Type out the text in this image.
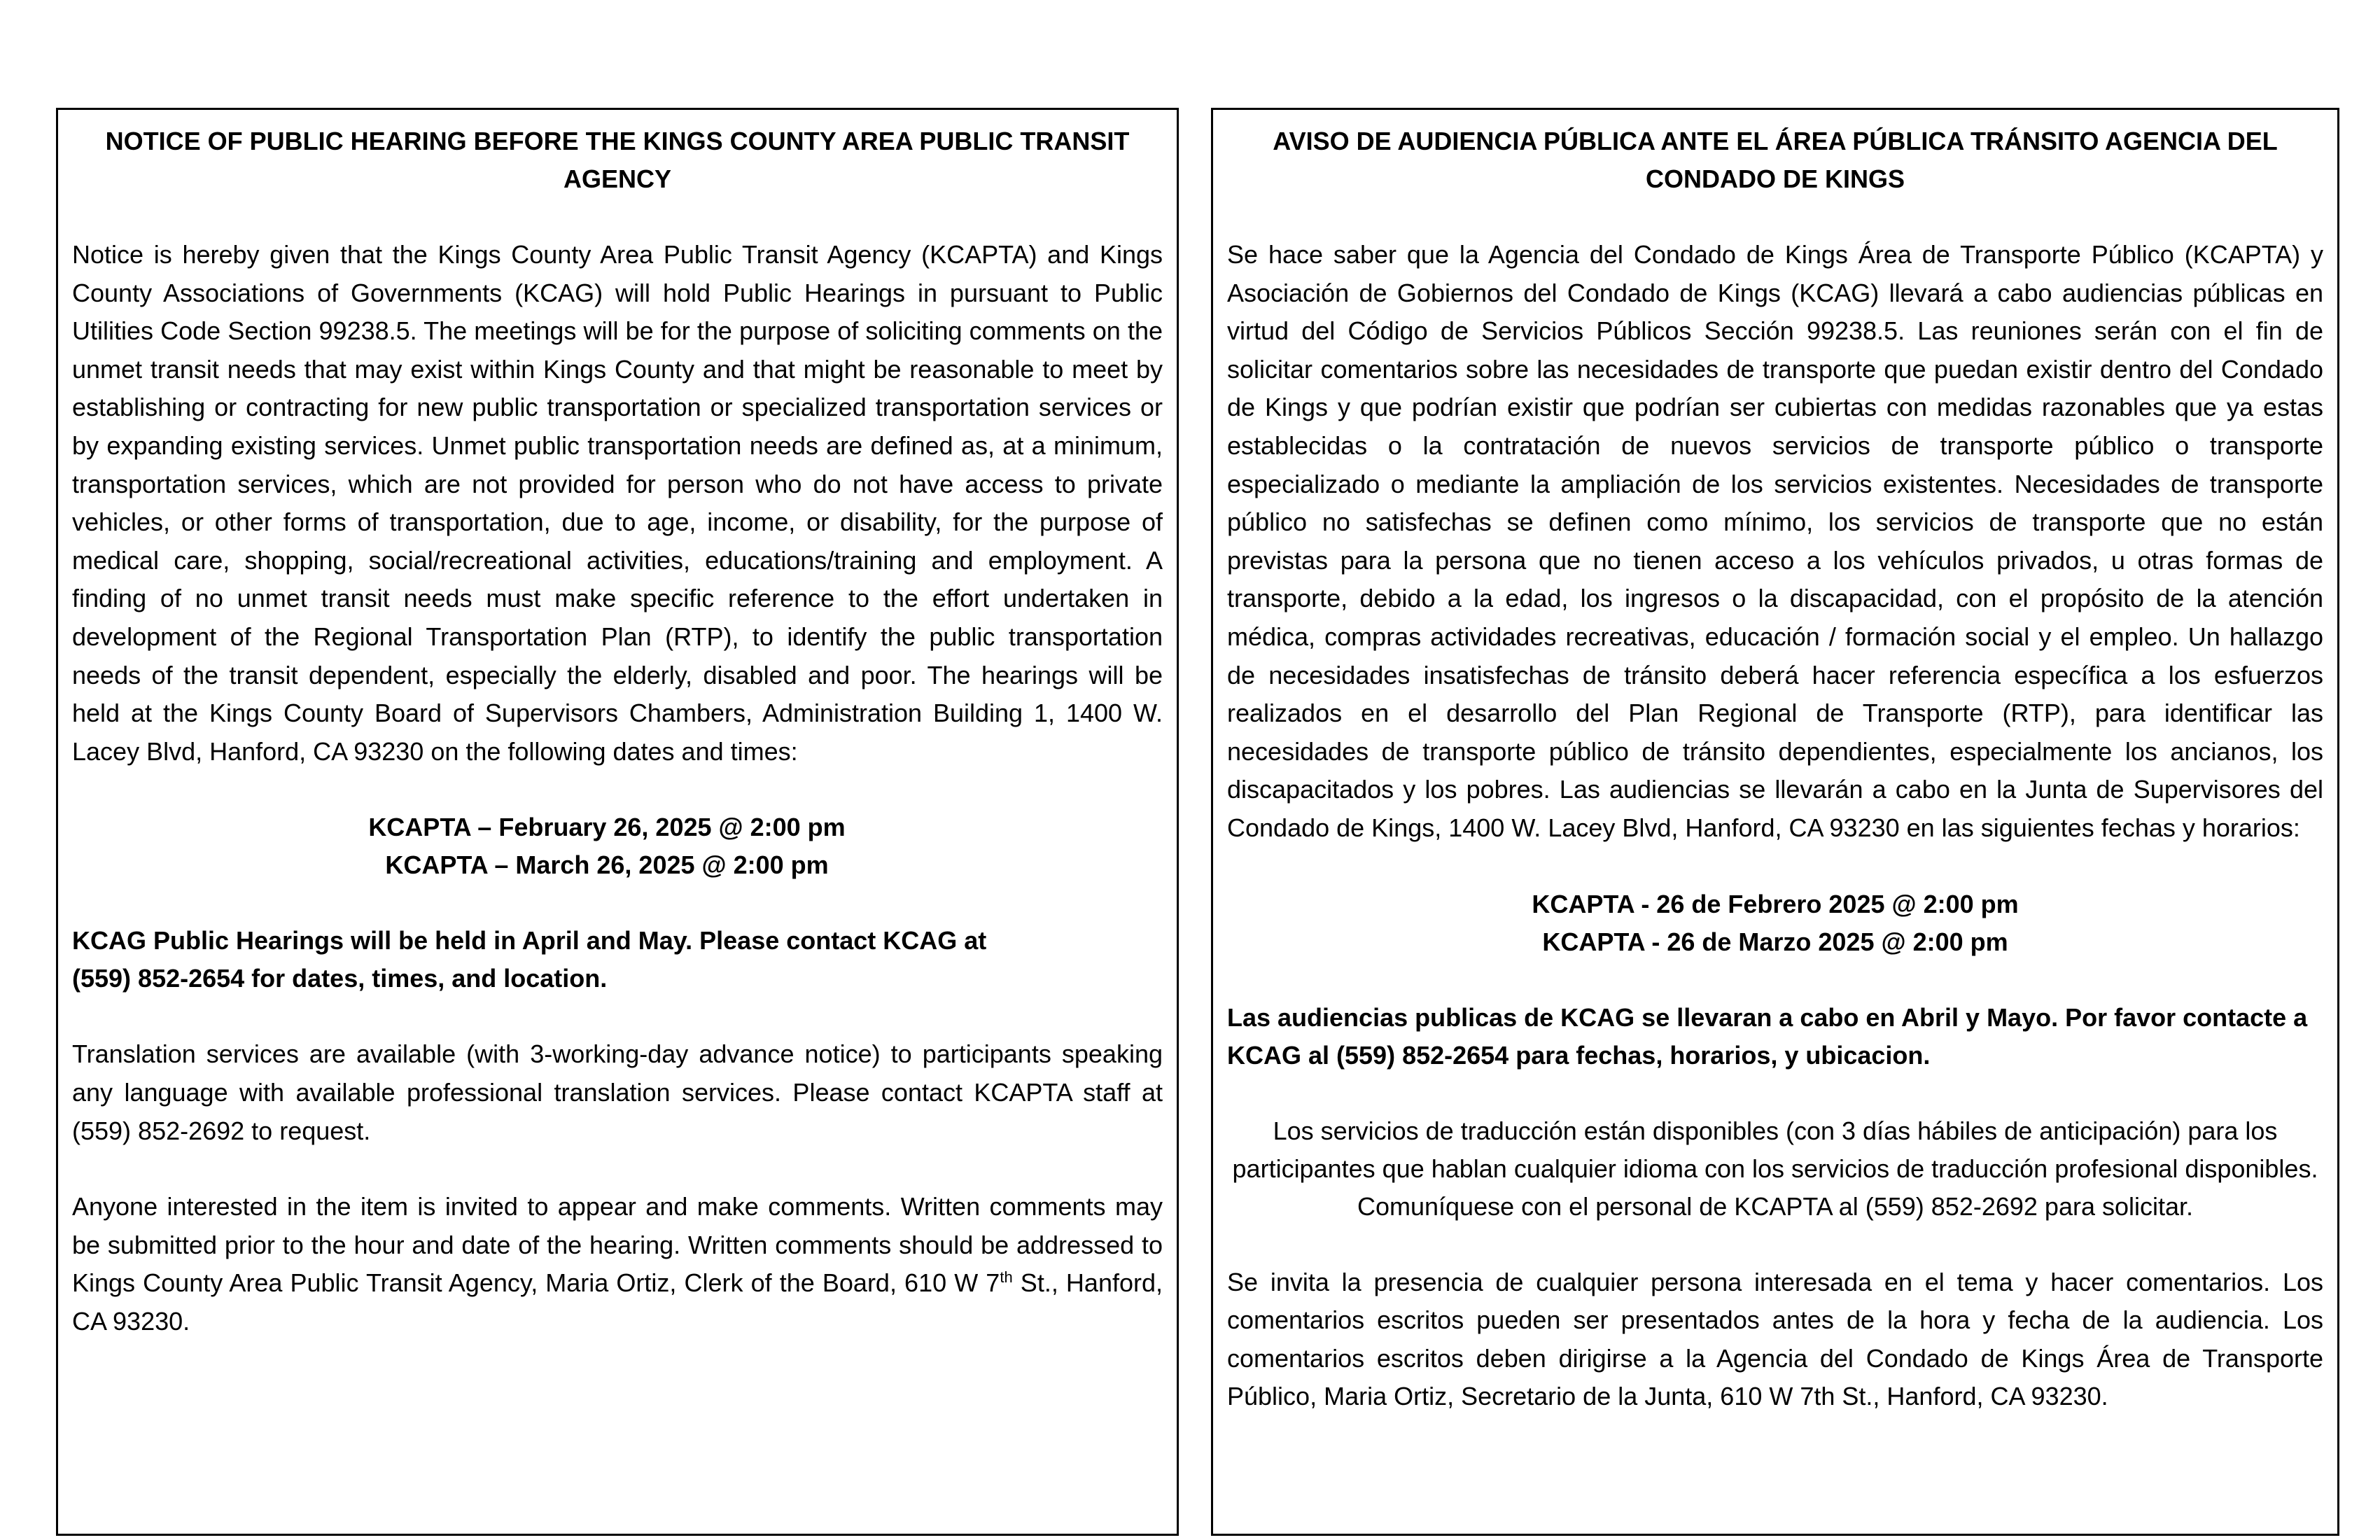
NOTICE OF PUBLIC HEARING BEFORE THE KINGS COUNTY AREA PUBLIC TRANSIT AGENCY

Notice is hereby given that the Kings County Area Public Transit Agency (KCAPTA) and Kings County Associations of Governments (KCAG) will hold Public Hearings in pursuant to Public Utilities Code Section 99238.5. The meetings will be for the purpose of soliciting comments on the unmet transit needs that may exist within Kings County and that might be reasonable to meet by establishing or contracting for new public transportation or specialized transportation services or by expanding existing services. Unmet public transportation needs are defined as, at a minimum, transportation services, which are not provided for person who do not have access to private vehicles, or other forms of transportation, due to age, income, or disability, for the purpose of medical care, shopping, social/recreational activities, educations/training and employment. A finding of no unmet transit needs must make specific reference to the effort undertaken in development of the Regional Transportation Plan (RTP), to identify the public transportation needs of the transit dependent, especially the elderly, disabled and poor. The hearings will be held at the Kings County Board of Supervisors Chambers, Administration Building 1, 1400 W. Lacey Blvd, Hanford, CA 93230 on the following dates and times:

KCAPTA – February 26, 2025 @ 2:00 pm
KCAPTA – March 26, 2025 @ 2:00 pm
KCAG Public Hearings will be held in April and May. Please contact KCAG at
(559) 852-2654 for dates, times, and location.

Translation services are available (with 3-working-day advance notice) to participants speaking any language with available professional translation services. Please contact KCAPTA staff at (559) 852-2692 to request.

Anyone interested in the item is invited to appear and make comments. Written comments may be submitted prior to the hour and date of the hearing. Written comments should be addressed to Kings County Area Public Transit Agency, Maria Ortiz, Clerk of the Board, 610 W 7th St., Hanford, CA 93230.

AVISO DE AUDIENCIA PÚBLICA ANTE EL ÁREA PÚBLICA TRÁNSITO AGENCIA DEL CONDADO DE KINGS

Se hace saber que la Agencia del Condado de Kings Área de Transporte Público (KCAPTA) y Asociación de Gobiernos del Condado de Kings (KCAG) llevará a cabo audiencias públicas en virtud del Código de Servicios Públicos Sección 99238.5. Las reuniones serán con el fin de solicitar comentarios sobre las necesidades de transporte que puedan existir dentro del Condado de Kings y que podrían existir que podrían ser cubiertas con medidas razonables que ya estas establecidas o la contratación de nuevos servicios de transporte público o transporte especializado o mediante la ampliación de los servicios existentes. Necesidades de transporte público no satisfechas se definen como mínimo, los servicios de transporte que no están previstas para la persona que no tienen acceso a los vehículos privados, u otras formas de transporte, debido a la edad, los ingresos o la discapacidad, con el propósito de la atención médica, compras actividades recreativas, educación / formación social y el empleo. Un hallazgo de necesidades insatisfechas de tránsito deberá hacer referencia específica a los esfuerzos realizados en el desarrollo del Plan Regional de Transporte (RTP), para identificar las necesidades de transporte público de tránsito dependientes, especialmente los ancianos, los discapacitados y los pobres. Las audiencias se llevarán a cabo en la Junta de Supervisores del Condado de Kings, 1400 W. Lacey Blvd, Hanford, CA 93230 en las siguientes fechas y horarios:

KCAPTA - 26 de Febrero 2025 @ 2:00 pm
KCAPTA - 26 de Marzo 2025 @ 2:00 pm

Las audiencias publicas de KCAG se llevaran a cabo en Abril y Mayo. Por favor contacte a KCAG al (559) 852-2654 para fechas, horarios, y ubicacion.

Los servicios de traducción están disponibles (con 3 días hábiles de anticipación) para los participantes que hablan cualquier idioma con los servicios de traducción profesional disponibles. Comuníquese con el personal de KCAPTA al (559) 852-2692 para solicitar.

Se invita la presencia de cualquier persona interesada en el tema y hacer comentarios. Los comentarios escritos pueden ser presentados antes de la hora y fecha de la audiencia. Los comentarios escritos deben dirigirse a la Agencia del Condado de Kings Área de Transporte Público, Maria Ortiz, Secretario de la Junta, 610 W 7th St., Hanford, CA 93230.
